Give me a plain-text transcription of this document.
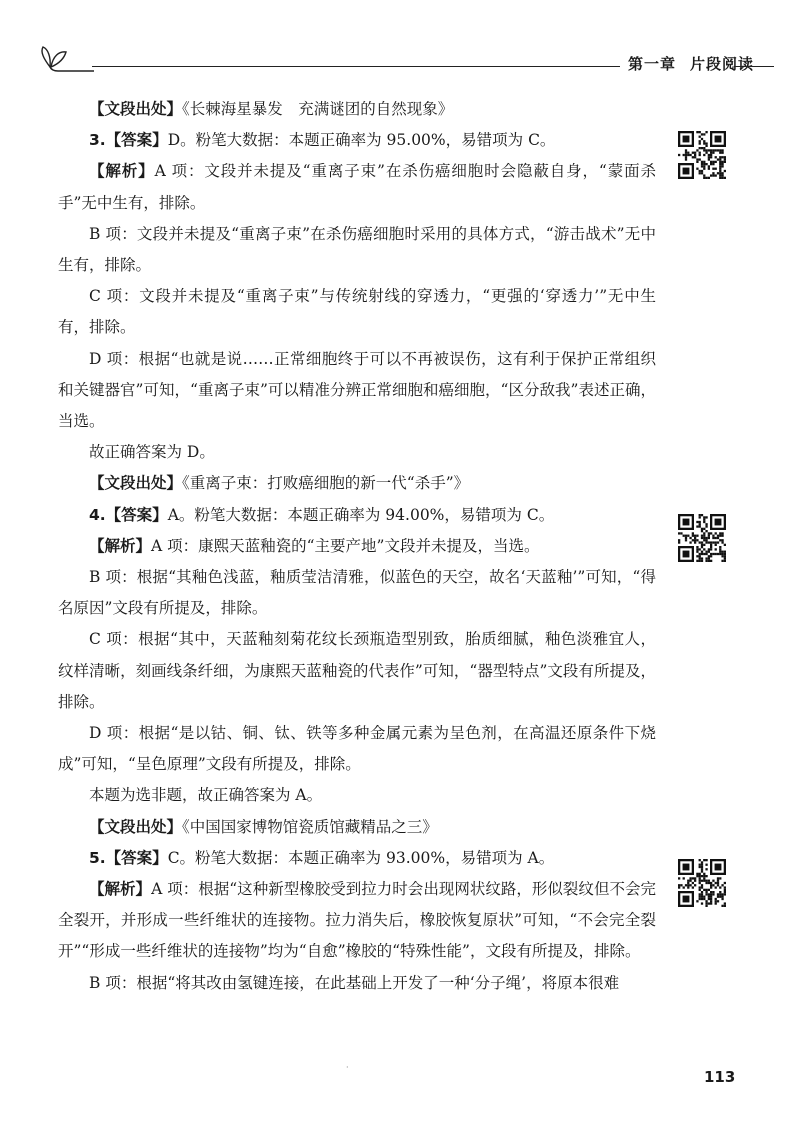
第一章 片段阅读

【文段出处】《长棘海星暴发　充满谜团的自然现象》

3.【答案】D。粉笔大数据：本题正确率为 95.00%，易错项为 C。

【解析】A 项：文段并未提及“重离子束”在杀伤癌细胞时会隐蔽自身，“蒙面杀手”无中生有，排除。

B 项：文段并未提及“重离子束”在杀伤癌细胞时采用的具体方式，“游击战术”无中生有，排除。

C 项：文段并未提及“重离子束”与传统射线的穿透力，“更强的‘穿透力’”无中生有，排除。

D 项：根据“也就是说……正常细胞终于可以不再被误伤，这有利于保护正常组织和关键器官”可知，“重离子束”可以精准分辨正常细胞和癌细胞，“区分敌我”表述正确，当选。

故正确答案为 D。

【文段出处】《重离子束：打败癌细胞的新一代“杀手”》

4.【答案】A。粉笔大数据：本题正确率为 94.00%，易错项为 C。

【解析】A 项：康熙天蓝釉瓷的“主要产地”文段并未提及，当选。

B 项：根据“其釉色浅蓝，釉质莹洁清雅，似蓝色的天空，故名‘天蓝釉’”可知，“得名原因”文段有所提及，排除。

C 项：根据“其中，天蓝釉刻菊花纹长颈瓶造型别致，胎质细腻，釉色淡雅宜人，纹样清晰，刻画线条纤细，为康熙天蓝釉瓷的代表作”可知，“器型特点”文段有所提及，排除。

D 项：根据“是以钴、铜、钛、铁等多种金属元素为呈色剂，在高温还原条件下烧成”可知，“呈色原理”文段有所提及，排除。

本题为选非题，故正确答案为 A。

【文段出处】《中国国家博物馆瓷质馆藏精品之三》

5.【答案】C。粉笔大数据：本题正确率为 93.00%，易错项为 A。

【解析】A 项：根据“这种新型橡胶受到拉力时会出现网状纹路，形似裂纹但不会完全裂开，并形成一些纤维状的连接物。拉力消失后，橡胶恢复原状”可知，“不会完全裂开”“形成一些纤维状的连接物”均为“自愈”橡胶的“特殊性能”，文段有所提及，排除。

B 项：根据“将其改由氢键连接，在此基础上开发了一种‘分子绳’，将原本很难

·
113
